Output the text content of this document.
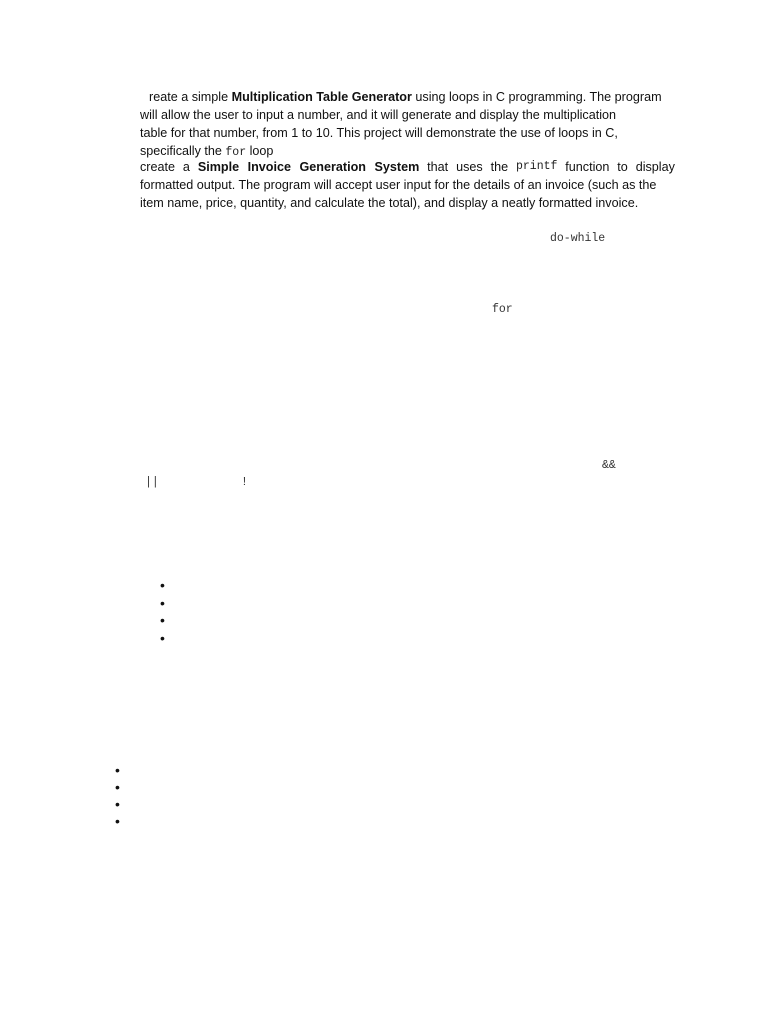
reate a simple Multiplication Table Generator using loops in C programming. The program
will allow the user to input a number, and it will generate and display the multiplication
table for that number, from 1 to 10. This project will demonstrate the use of loops in C,
specifically the for loop
create a Simple Invoice Generation System that uses the printf function to display
formatted output. The program will accept user input for the details of an invoice (such as the
item name, price, quantity, and calculate the total), and display a neatly formatted invoice.
do-while
for
&&
||	!
•
•
•
•
•
•
•
•
